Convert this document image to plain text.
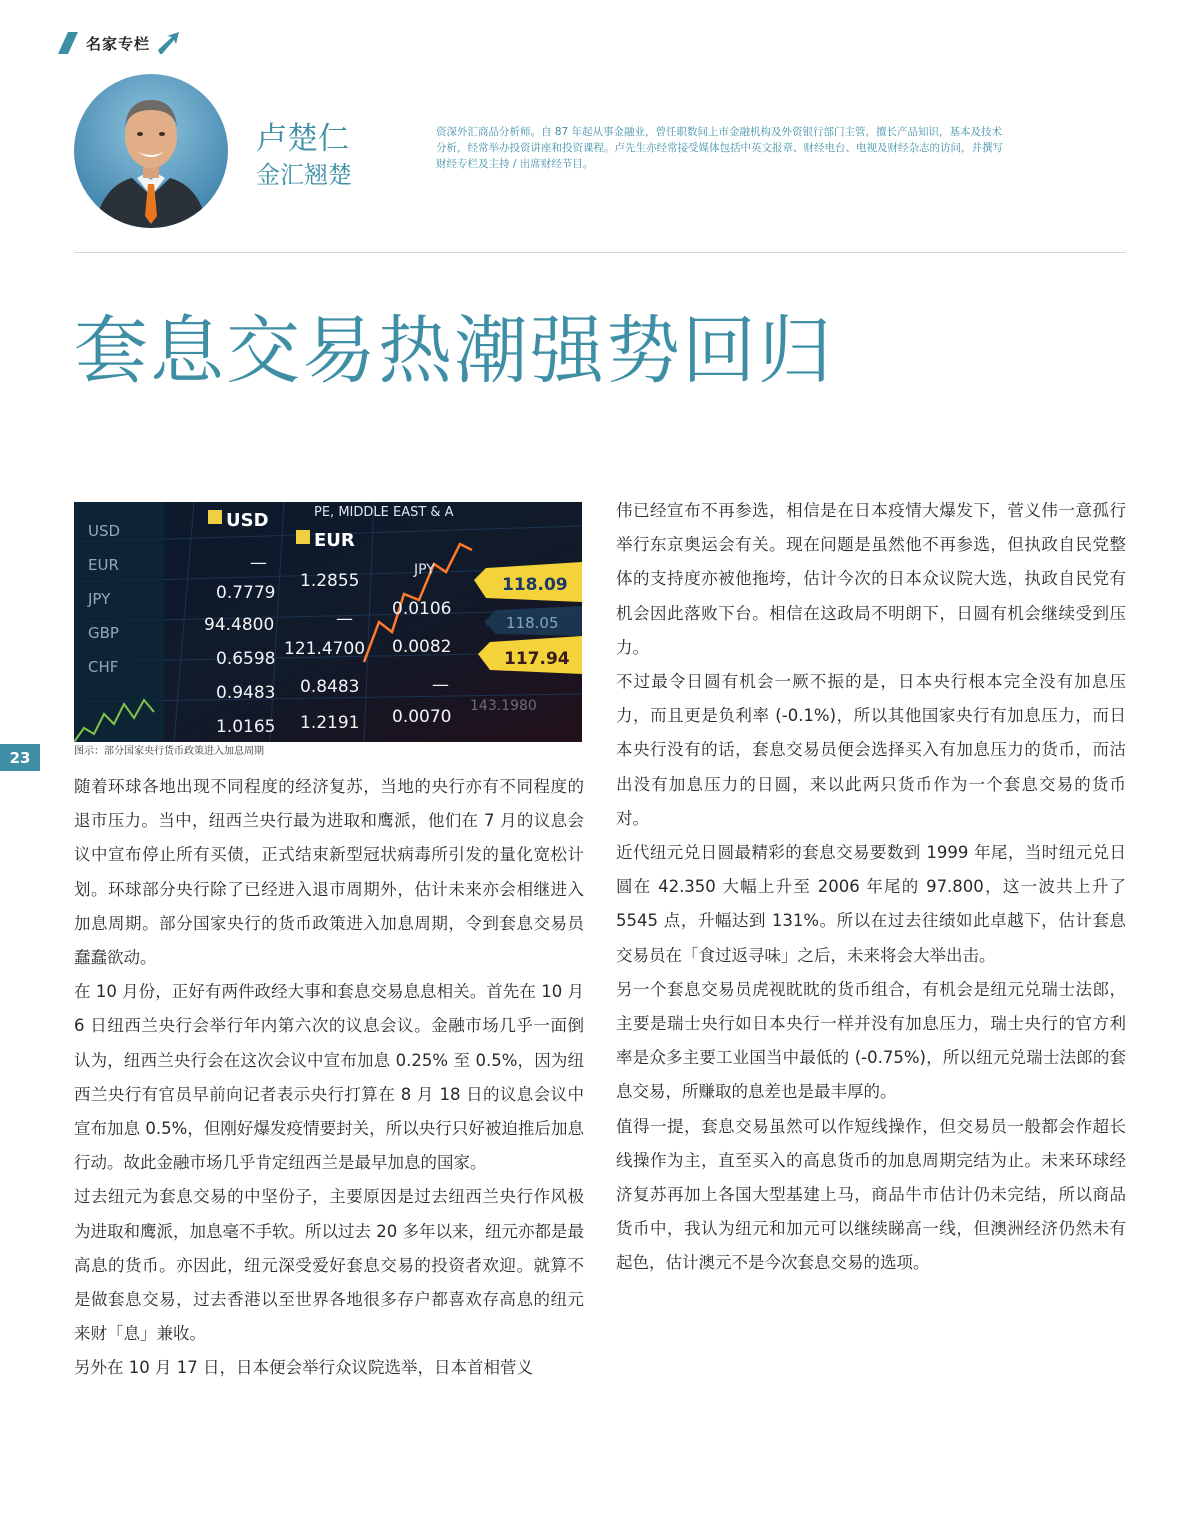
名家专栏
卢楚仁
金汇翘楚

资深外汇商品分析师。自 87 年起从事金融业，曾任职数间上市金融机构及外资银行部门主管，擅长产品知识，基本及技术分析，经常举办投资讲座和投资课程。卢先生亦经常接受媒体包括中英文报章、财经电台、电视及财经杂志的访问，并撰写财经专栏及主持 / 出席财经节目。

套息交易热潮强势回归
USD
EUR
JPY
GBP
CHF
USD
EUR
JPY
PE, MIDDLE EAST & A
—
0.7779
94.4800
0.6598
0.9483
1.0165
1.2855
—
121.4700
0.8483
1.2191
0.0106
0.0082
—
0.0070
118.09
118.05
117.94
143.1980

图示：部分国家央行货币政策进入加息周期

23

随着环球各地出现不同程度的经济复苏，当地的央行亦有不同程度的退市压力。当中，纽西兰央行最为进取和鹰派，他们在 7 月的议息会议中宣布停止所有买债，正式结束新型冠状病毒所引发的量化宽松计划。环球部分央行除了已经进入退市周期外，估计未来亦会相继进入加息周期。部分国家央行的货币政策进入加息周期，令到套息交易员蠢蠢欲动。

在 10 月份，正好有两件政经大事和套息交易息息相关。首先在 10 月 6 日纽西兰央行会举行年内第六次的议息会议。金融市场几乎一面倒认为，纽西兰央行会在这次会议中宣布加息 0.25% 至 0.5%，因为纽西兰央行有官员早前向记者表示央行打算在 8 月 18 日的议息会议中宣布加息 0.5%，但刚好爆发疫情要封关，所以央行只好被迫推后加息行动。故此金融市场几乎肯定纽西兰是最早加息的国家。

过去纽元为套息交易的中坚份子，主要原因是过去纽西兰央行作风极为进取和鹰派，加息毫不手软。所以过去 20 多年以来，纽元亦都是最高息的货币。亦因此，纽元深受爱好套息交易的投资者欢迎。就算不是做套息交易，过去香港以至世界各地很多存户都喜欢存高息的纽元来财「息」兼收。

另外在 10 月 17 日，日本便会举行众议院选举，日本首相菅义

伟已经宣布不再参选，相信是在日本疫情大爆发下，菅义伟一意孤行举行东京奥运会有关。现在问题是虽然他不再参选，但执政自民党整体的支持度亦被他拖垮，估计今次的日本众议院大选，执政自民党有机会因此落败下台。相信在这政局不明朗下，日圆有机会继续受到压力。

不过最令日圆有机会一厥不振的是，日本央行根本完全没有加息压力，而且更是负利率 (-0.1%)，所以其他国家央行有加息压力，而日本央行没有的话，套息交易员便会选择买入有加息压力的货币，而沽出没有加息压力的日圆，来以此两只货币作为一个套息交易的货币对。

近代纽元兑日圆最精彩的套息交易要数到 1999 年尾，当时纽元兑日圆在 42.350 大幅上升至 2006 年尾的 97.800，这一波共上升了 5545 点，升幅达到 131%。所以在过去往绩如此卓越下，估计套息交易员在「食过返寻味」之后，未来将会大举出击。

另一个套息交易员虎视眈眈的货币组合，有机会是纽元兑瑞士法郎，主要是瑞士央行如日本央行一样并没有加息压力，瑞士央行的官方利率是众多主要工业国当中最低的 (-0.75%)，所以纽元兑瑞士法郎的套息交易，所赚取的息差也是最丰厚的。

值得一提，套息交易虽然可以作短线操作，但交易员一般都会作超长线操作为主，直至买入的高息货币的加息周期完结为止。未来环球经济复苏再加上各国大型基建上马，商品牛市估计仍未完结，所以商品货币中，我认为纽元和加元可以继续睇高一线，但澳洲经济仍然未有起色，估计澳元不是今次套息交易的选项。
